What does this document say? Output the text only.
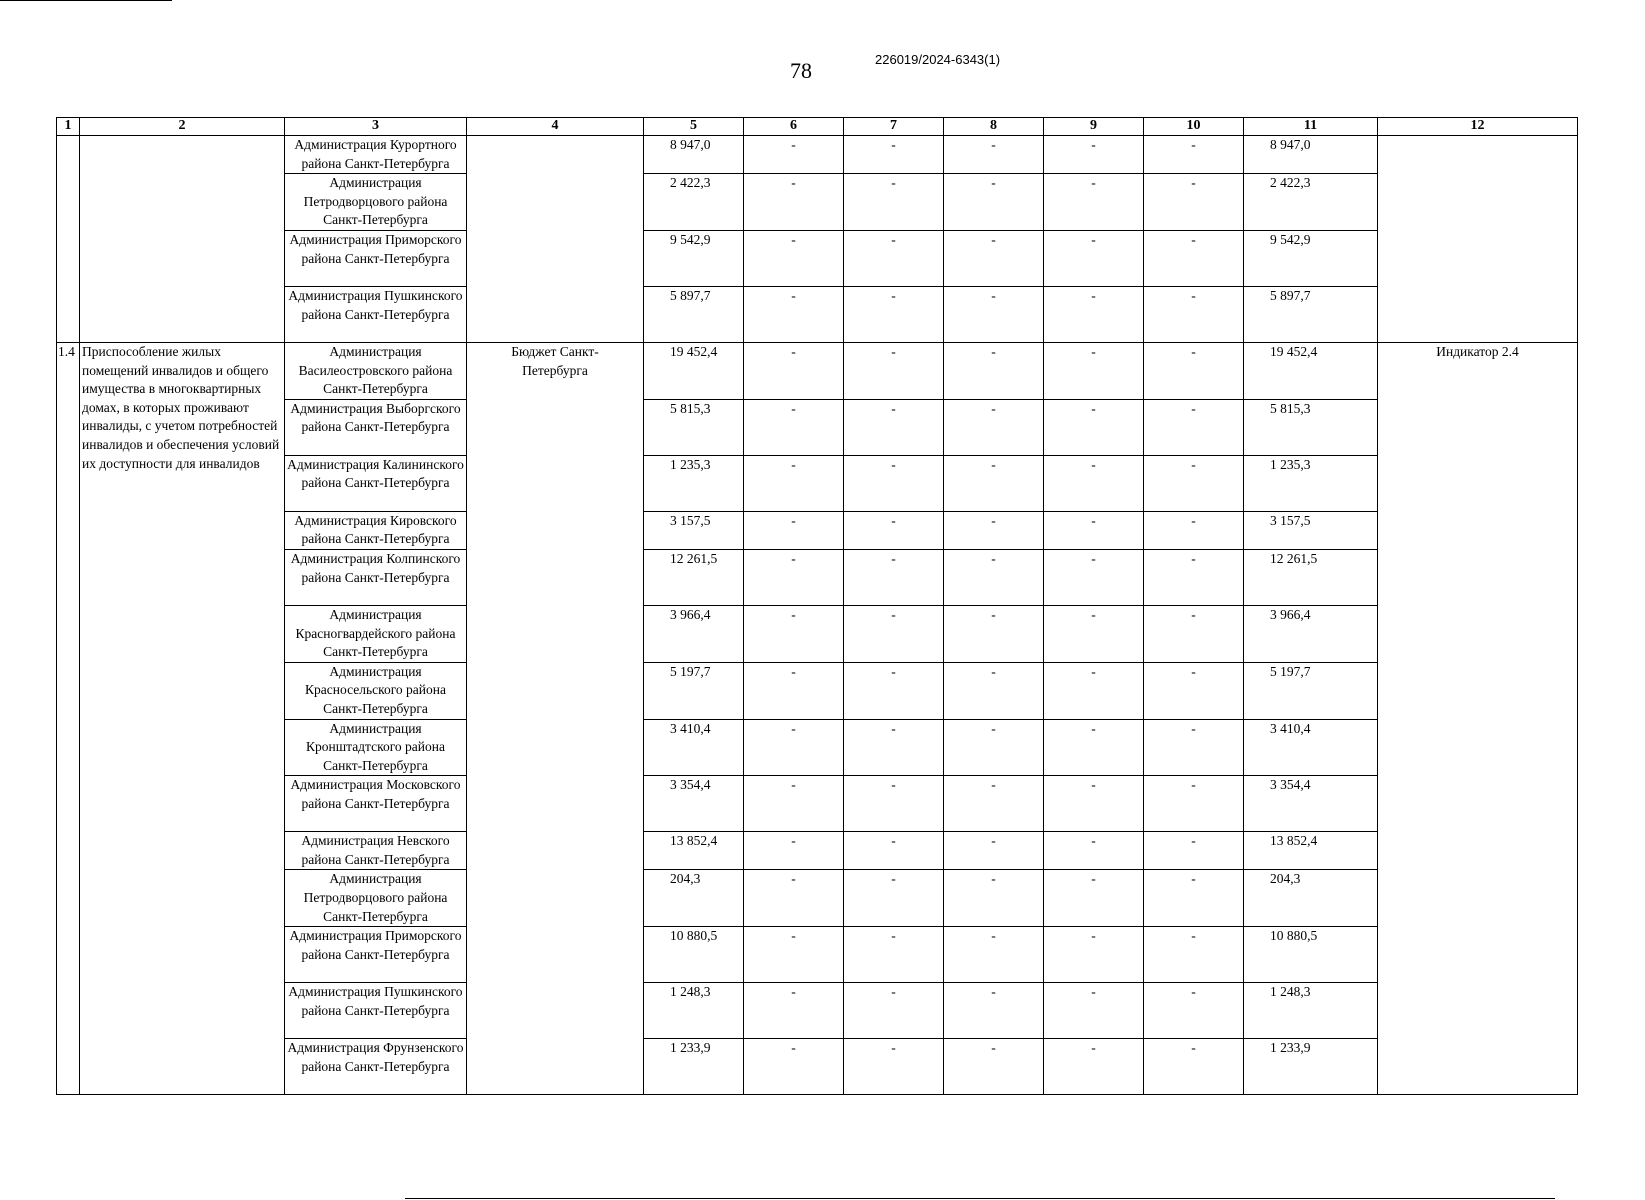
78	226019/2024-6343(1)
1	2	3	4	5	6	7	8	9	10	11	12
		Администрация Курортного района Санкт-Петербурга		8 947,0	-	-	-	-	-	8 947,0	
		Администрация Петродворцового района Санкт-Петербурга		2 422,3	-	-	-	-	-	2 422,3	
		Администрация Приморского района Санкт-Петербурга		9 542,9	-	-	-	-	-	9 542,9	
		Администрация Пушкинского района Санкт-Петербурга		5 897,7	-	-	-	-	-	5 897,7	
1.4	Приспособление жилых помещений инвалидов и общего имущества в многоквартирных домах, в которых проживают инвалиды, с учетом потребностей инвалидов и обеспечения условий их доступности для инвалидов	Администрация Василеостровского района Санкт-Петербурга	Бюджет Санкт-Петербурга	19 452,4	-	-	-	-	-	19 452,4	Индикатор 2.4
		Администрация Выборгского района Санкт-Петербурга		5 815,3	-	-	-	-	-	5 815,3	
		Администрация Калининского района Санкт-Петербурга		1 235,3	-	-	-	-	-	1 235,3	
		Администрация Кировского района Санкт-Петербурга		3 157,5	-	-	-	-	-	3 157,5	
		Администрация Колпинского района Санкт-Петербурга		12 261,5	-	-	-	-	-	12 261,5	
		Администрация Красногвардейского района Санкт-Петербурга		3 966,4	-	-	-	-	-	3 966,4	
		Администрация Красносельского района Санкт-Петербурга		5 197,7	-	-	-	-	-	5 197,7	
		Администрация Кронштадтского района Санкт-Петербурга		3 410,4	-	-	-	-	-	3 410,4	
		Администрация Московского района Санкт-Петербурга		3 354,4	-	-	-	-	-	3 354,4	
		Администрация Невского района Санкт-Петербурга		13 852,4	-	-	-	-	-	13 852,4	
		Администрация Петродворцового района Санкт-Петербурга		204,3	-	-	-	-	-	204,3	
		Администрация Приморского района Санкт-Петербурга		10 880,5	-	-	-	-	-	10 880,5	
		Администрация Пушкинского района Санкт-Петербурга		1 248,3	-	-	-	-	-	1 248,3	
		Администрация Фрунзенского района Санкт-Петербурга		1 233,9	-	-	-	-	-	1 233,9	
